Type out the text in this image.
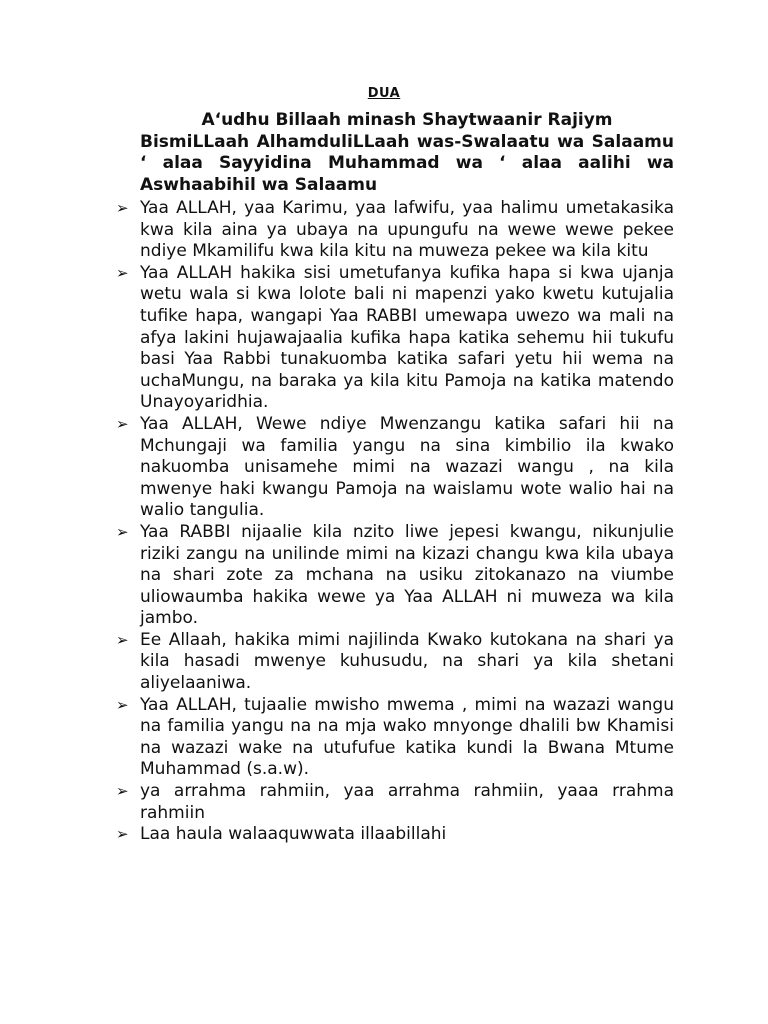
DUA
A‘udhu Billaah minash Shaytwaanir Rajiym
BismiLLaah AlhamduliLLaah was-Swalaatu wa Salaamu ‘ alaa Sayyidina Muhammad wa ‘ alaa aalihi wa Aswhaabihil wa Salaamu
➢ Yaa ALLAH, yaa Karimu, yaa lafwifu, yaa halimu umetakasika kwa kila aina ya ubaya na upungufu na wewe wewe pekee ndiye Mkamilifu kwa kila kitu na muweza pekee wa kila kitu
➢ Yaa ALLAH hakika sisi umetufanya kufika hapa si kwa ujanja wetu wala si kwa lolote bali ni mapenzi yako kwetu kutujalia tufike hapa, wangapi Yaa RABBI umewapa uwezo wa mali na afya lakini hujawajaalia kufika hapa katika sehemu hii tukufu basi Yaa Rabbi tunakuomba katika safari yetu hii wema na uchaMungu, na baraka ya kila kitu Pamoja na katika matendo Unayoyaridhia.
➢ Yaa ALLAH, Wewe ndiye Mwenzangu katika safari hii na Mchungaji wa familia yangu na sina kimbilio ila kwako nakuomba unisamehe mimi na wazazi wangu , na kila mwenye haki kwangu Pamoja na waislamu wote walio hai na walio tangulia.
➢ Yaa RABBI nijaalie kila nzito liwe jepesi kwangu, nikunjulie riziki zangu na unilinde mimi na kizazi changu kwa kila ubaya na shari zote za mchana na usiku zitokanazo na viumbe uliowaumba hakika wewe ya Yaa ALLAH ni muweza wa kila jambo.
➢ Ee Allaah, hakika mimi najilinda Kwako kutokana na shari ya kila hasadi mwenye kuhusudu, na shari ya kila shetani aliyelaaniwa.
➢ Yaa ALLAH, tujaalie mwisho mwema , mimi na wazazi wangu na familia yangu na na mja wako mnyonge dhalili bw Khamisi na wazazi wake na utufufue katika kundi la Bwana Mtume Muhammad (s.a.w).
➢ ya arrahma rahmiin, yaa arrahma rahmiin, yaaa rrahma rahmiin
➢ Laa haula walaaquwwata illaabillahi
